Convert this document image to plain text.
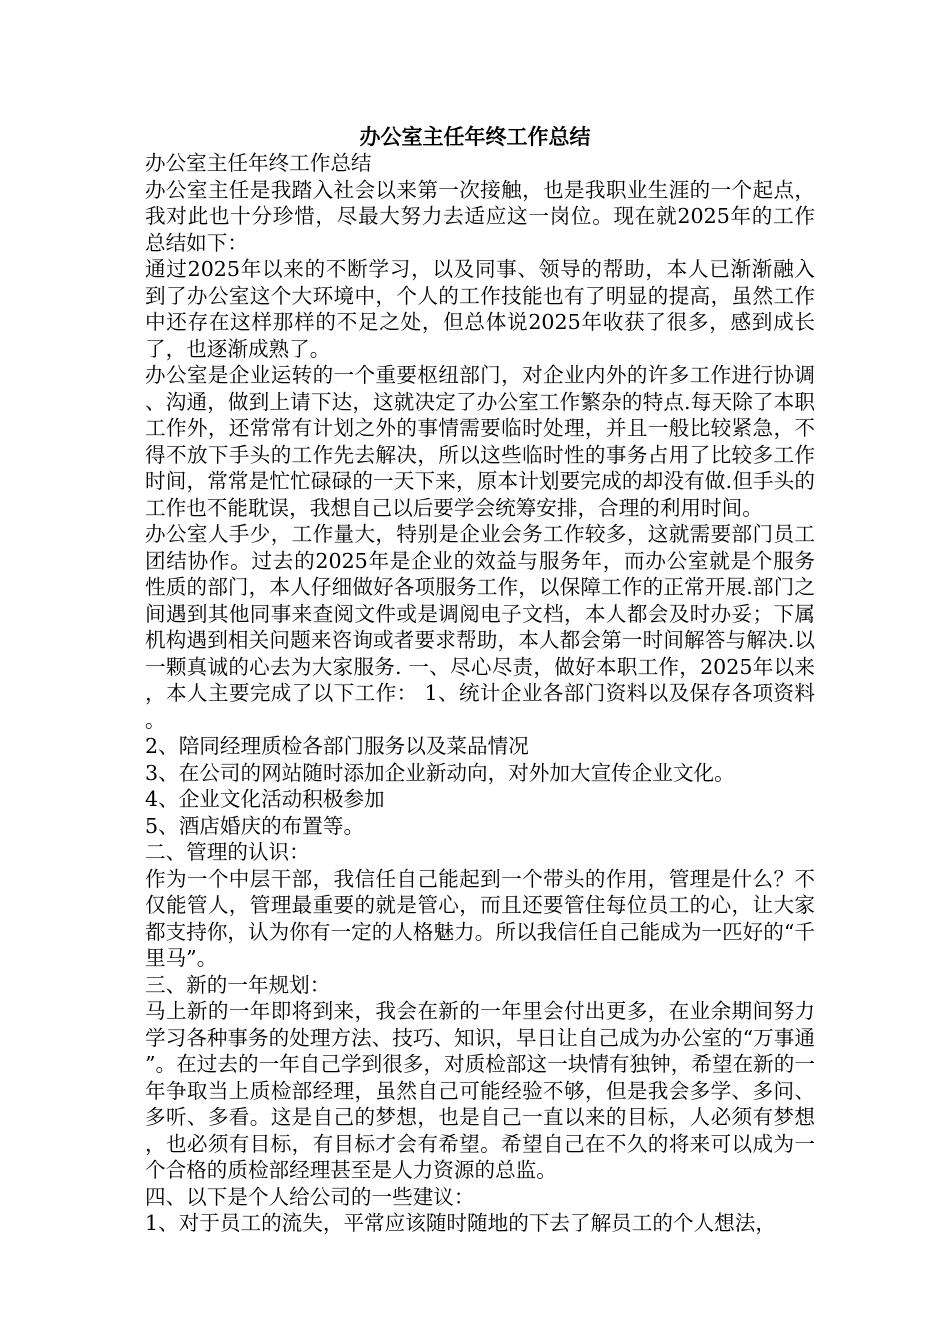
办公室主任年终工作总结

办公室主任年终工作总结

办公室主任是我踏入社会以来第一次接触，也是我职业生涯的一个起点，我对此也十分珍惜，尽最大努力去适应这一岗位。现在就2025年的工作总结如下：

通过2025年以来的不断学习，以及同事、领导的帮助，本人已渐渐融入到了办公室这个大环境中，个人的工作技能也有了明显的提高，虽然工作中还存在这样那样的不足之处，但总体说2025年收获了很多，感到成长了，也逐渐成熟了。

办公室是企业运转的一个重要枢纽部门，对企业内外的许多工作进行协调、沟通，做到上请下达，这就决定了办公室工作繁杂的特点.每天除了本职工作外，还常常有计划之外的事情需要临时处理，并且一般比较紧急，不得不放下手头的工作先去解决，所以这些临时性的事务占用了比较多工作时间，常常是忙忙碌碌的一天下来，原本计划要完成的却没有做.但手头的工作也不能耽误，我想自己以后要学会统筹安排，合理的利用时间。

办公室人手少，工作量大，特别是企业会务工作较多，这就需要部门员工团结协作。过去的2025年是企业的效益与服务年，而办公室就是个服务性质的部门，本人仔细做好各项服务工作，以保障工作的正常开展.部门之间遇到其他同事来查阅文件或是调阅电子文档，本人都会及时办妥；下属机构遇到相关问题来咨询或者要求帮助，本人都会第一时间解答与解决.以一颗真诚的心去为大家服务. 一、尽心尽责，做好本职工作，2025年以来，本人主要完成了以下工作： 1、统计企业各部门资料以及保存各项资料。

2、陪同经理质检各部门服务以及菜品情况

3、在公司的网站随时添加企业新动向，对外加大宣传企业文化。

4、企业文化活动积极参加

5、酒店婚庆的布置等。

二、管理的认识：

作为一个中层干部，我信任自己能起到一个带头的作用，管理是什么？不仅能管人，管理最重要的就是管心，而且还要管住每位员工的心，让大家都支持你，认为你有一定的人格魅力。所以我信任自己能成为一匹好的“千里马”。

三、新的一年规划：

马上新的一年即将到来，我会在新的一年里会付出更多，在业余期间努力学习各种事务的处理方法、技巧、知识，早日让自己成为办公室的“万事通”。在过去的一年自己学到很多，对质检部这一块情有独钟，希望在新的一年争取当上质检部经理，虽然自己可能经验不够，但是我会多学、多问、多听、多看。这是自己的梦想，也是自己一直以来的目标，人必须有梦想，也必须有目标，有目标才会有希望。希望自己在不久的将来可以成为一个合格的质检部经理甚至是人力资源的总监。

四、以下是个人给公司的一些建议：

1、对于员工的流失，平常应该随时随地的下去了解员工的个人想法，
